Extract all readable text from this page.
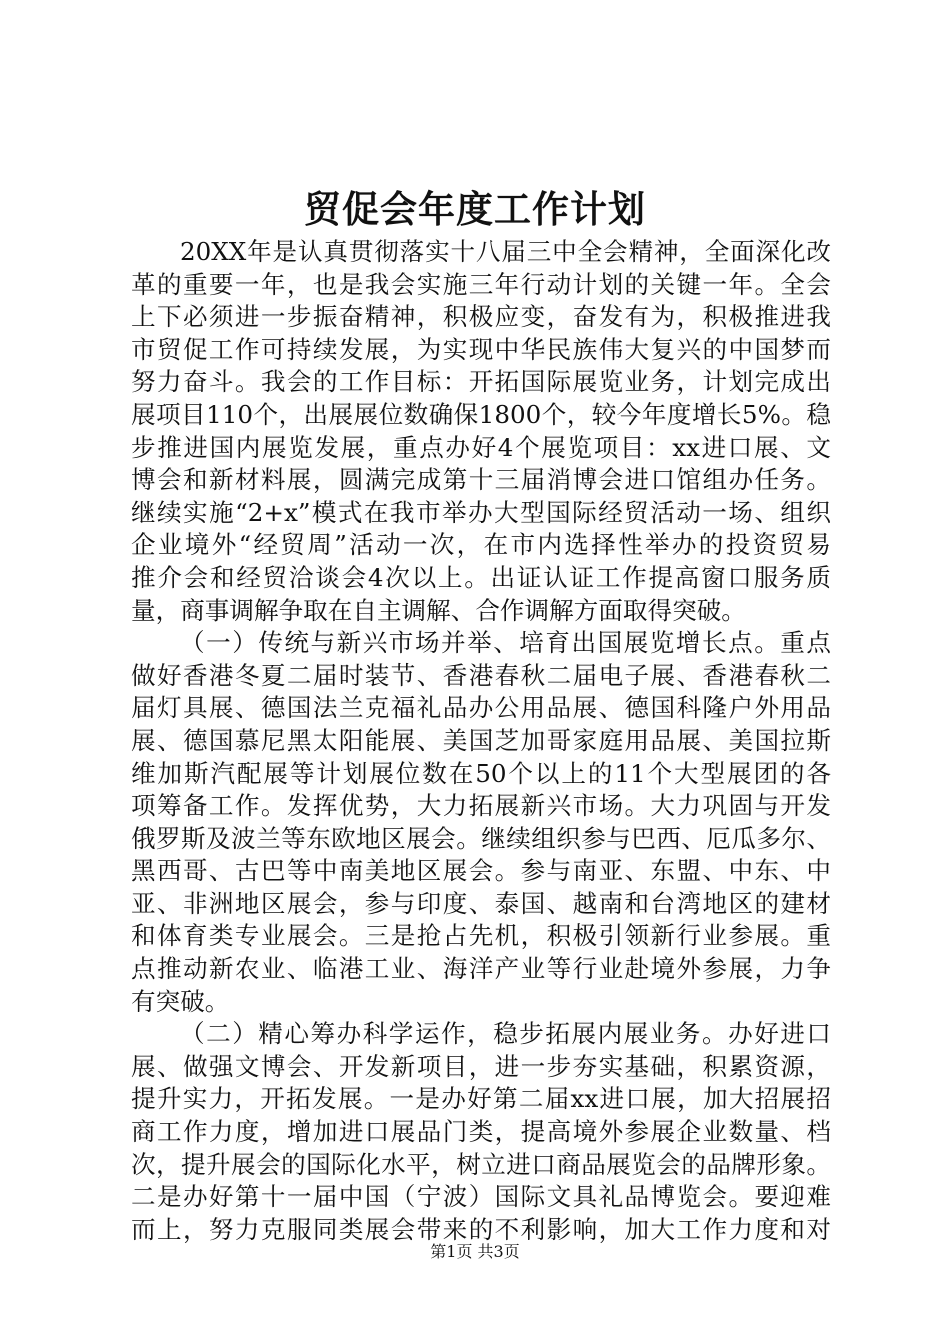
贸促会年度工作计划
20XX年是认真贯彻落实十八届三中全会精神，全面深化改
革的重要一年，也是我会实施三年行动计划的关键一年。全会
上下必须进一步振奋精神，积极应变，奋发有为，积极推进我
市贸促工作可持续发展，为实现中华民族伟大复兴的中国梦而
努力奋斗。我会的工作目标：开拓国际展览业务，计划完成出
展项目110个，出展展位数确保1800个，较今年度增长5%。稳
步推进国内展览发展，重点办好4个展览项目：xx进口展、文
博会和新材料展，圆满完成第十三届消博会进口馆组办任务。
继续实施“2+x”模式在我市举办大型国际经贸活动一场、组织
企业境外“经贸周”活动一次，在市内选择性举办的投资贸易
推介会和经贸洽谈会4次以上。出证认证工作提高窗口服务质
量，商事调解争取在自主调解、合作调解方面取得突破。
（一）传统与新兴市场并举、培育出国展览增长点。重点
做好香港冬夏二届时装节、香港春秋二届电子展、香港春秋二
届灯具展、德国法兰克福礼品办公用品展、德国科隆户外用品
展、德国慕尼黑太阳能展、美国芝加哥家庭用品展、美国拉斯
维加斯汽配展等计划展位数在50个以上的11个大型展团的各
项筹备工作。发挥优势，大力拓展新兴市场。大力巩固与开发
俄罗斯及波兰等东欧地区展会。继续组织参与巴西、厄瓜多尔、
黑西哥、古巴等中南美地区展会。参与南亚、东盟、中东、中
亚、非洲地区展会，参与印度、泰国、越南和台湾地区的建材
和体育类专业展会。三是抢占先机，积极引领新行业参展。重
点推动新农业、临港工业、海洋产业等行业赴境外参展，力争
有突破。
（二）精心筹办科学运作，稳步拓展内展业务。办好进口
展、做强文博会、开发新项目，进一步夯实基础，积累资源，
提升实力，开拓发展。一是办好第二届xx进口展，加大招展招
商工作力度，增加进口展品门类，提高境外参展企业数量、档
次，提升展会的国际化水平，树立进口商品展览会的品牌形象。
二是办好第十一届中国（宁波）国际文具礼品博览会。要迎难
而上，努力克服同类展会带来的不利影响，加大工作力度和对
第1页 共3页
